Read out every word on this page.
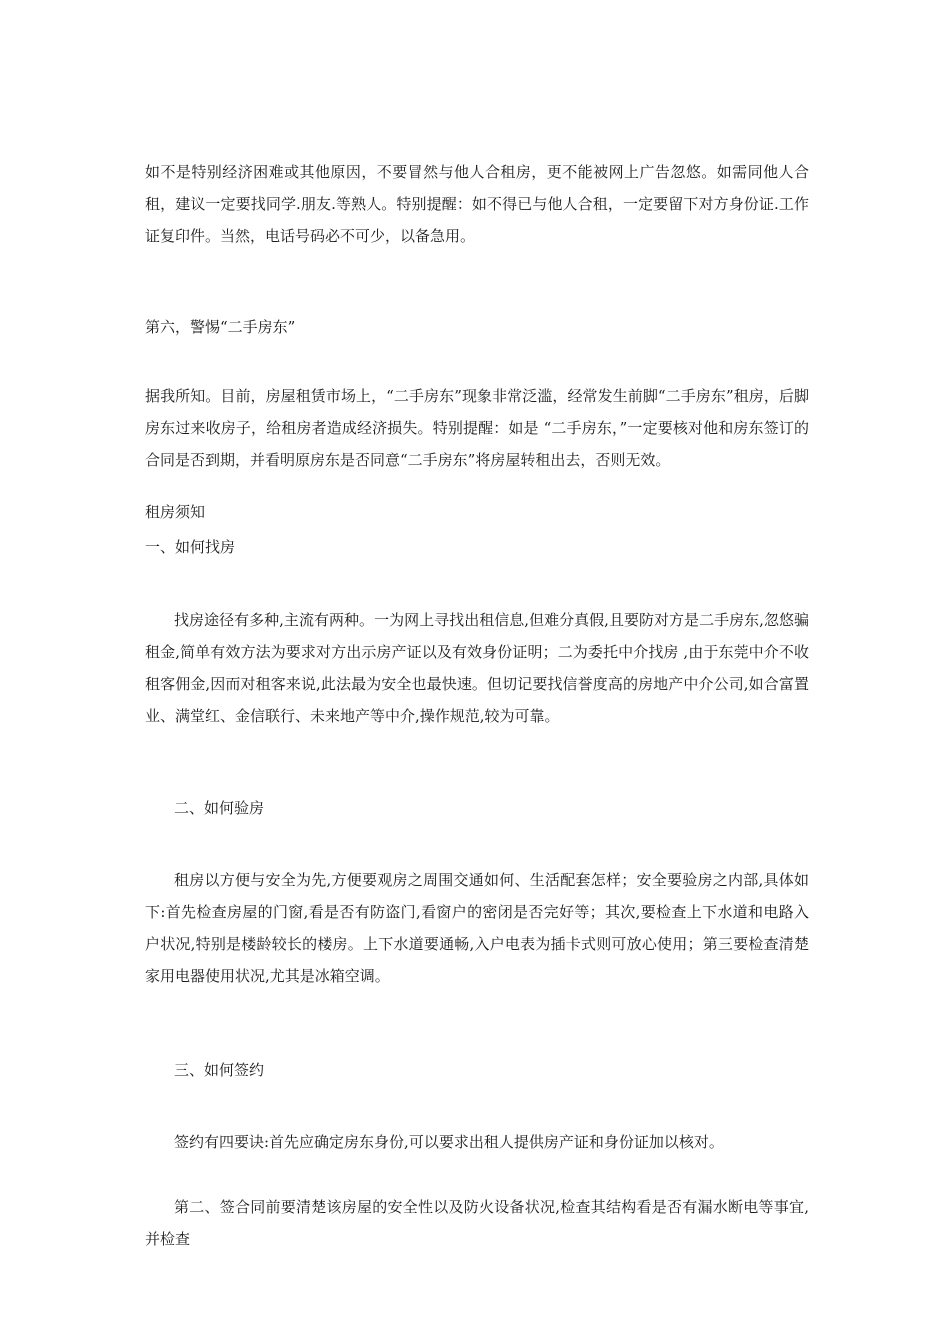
如不是特别经济困难或其他原因，不要冒然与他人合租房，更不能被网上广告忽悠。如需同他人合租，建议一定要找同学.朋友.等熟人。特别提醒：如不得已与他人合租，一定要留下对方身份证.工作证复印件。当然，电话号码必不可少，以备急用。

第六，警惕“二手房东”

据我所知。目前，房屋租赁市场上，“二手房东”现象非常泛滥，经常发生前脚“二手房东”租房，后脚房东过来收房子，给租房者造成经济损失。特别提醒：如是 “二手房东，”一定要核对他和房东签订的合同是否到期，并看明原房东是否同意“二手房东”将房屋转租出去，否则无效。

租房须知

一、如何找房

找房途径有多种,主流有两种。一为网上寻找出租信息,但难分真假,且要防对方是二手房东,忽悠骗租金,简单有效方法为要求对方出示房产证以及有效身份证明；二为委托中介找房 ,由于东莞中介不收租客佣金,因而对租客来说,此法最为安全也最快速。但切记要找信誉度高的房地产中介公司,如合富置业、满堂红、金信联行、未来地产等中介,操作规范,较为可靠。

二、如何验房

租房以方便与安全为先,方便要观房之周围交通如何、生活配套怎样；安全要验房之内部,具体如下:首先检查房屋的门窗,看是否有防盗门,看窗户的密闭是否完好等；其次,要检查上下水道和电路入户状况,特别是楼龄较长的楼房。上下水道要通畅,入户电表为插卡式则可放心使用；第三要检查清楚家用电器使用状况,尤其是冰箱空调。

三、如何签约

签约有四要诀:首先应确定房东身份,可以要求出租人提供房产证和身份证加以核对。

第二、签合同前要清楚该房屋的安全性以及防火设备状况,检查其结构看是否有漏水断电等事宜,并检查
